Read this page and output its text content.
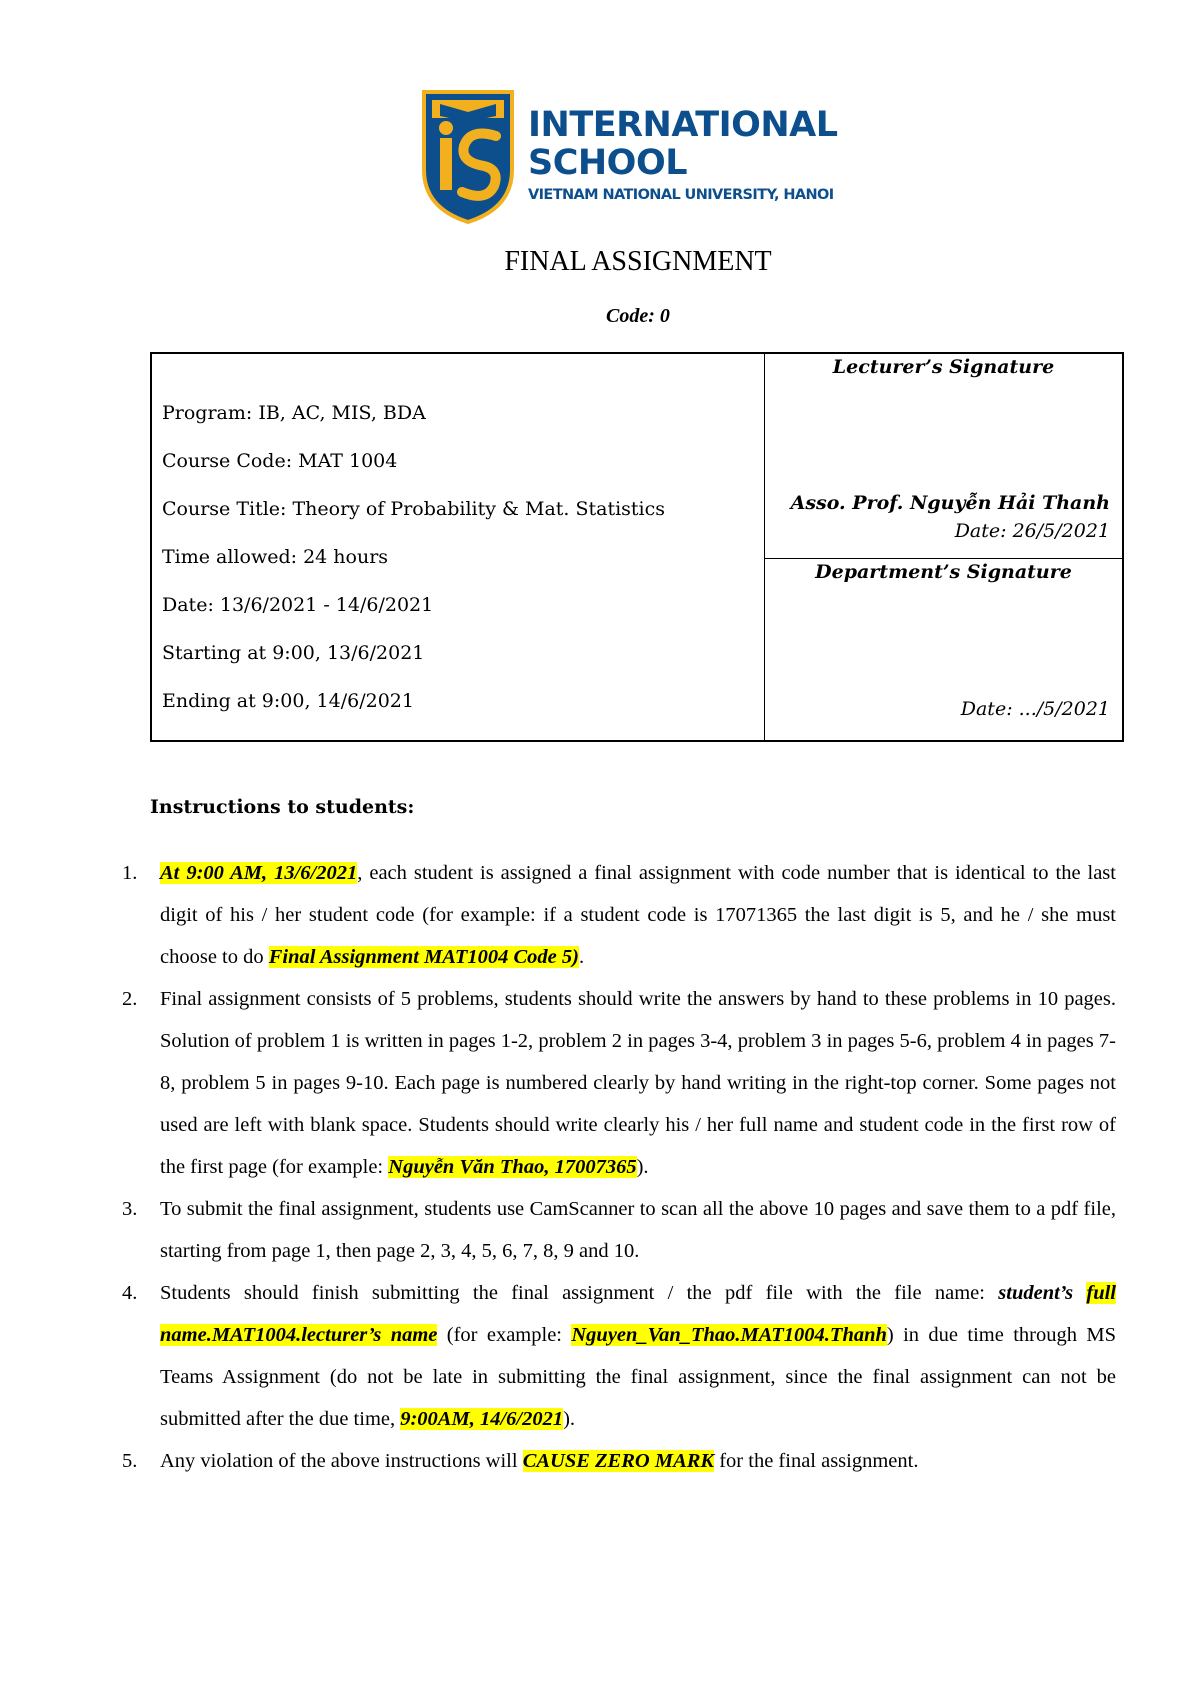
INTERNATIONAL
SCHOOL
VIETNAM NATIONAL UNIVERSITY, HANOI
FINAL ASSIGNMENT
Code: 0
Program: IB, AC, MIS, BDA
Course Code: MAT 1004
Course Title: Theory of Probability & Mat. Statistics
Time allowed: 24 hours
Date: 13/6/2021 - 14/6/2021
Starting at 9:00, 13/6/2021
Ending at 9:00, 14/6/2021
Lecturer’s Signature
Asso. Prof. Nguyễn Hải Thanh
Date: 26/5/2021
Department’s Signature
Date: .../5/2021
Instructions to students:
1. At 9:00 AM, 13/6/2021, each student is assigned a final assignment with code number that is identical to the last digit of his / her student code (for example: if a student code is 17071365 the last digit is 5, and he / she must choose to do Final Assignment MAT1004 Code 5).
2. Final assignment consists of 5 problems, students should write the answers by hand to these problems in 10 pages. Solution of problem 1 is written in pages 1-2, problem 2 in pages 3-4, problem 3 in pages 5-6, problem 4 in pages 7-8, problem 5 in pages 9-10. Each page is numbered clearly by hand writing in the right-top corner. Some pages not used are left with blank space. Students should write clearly his / her full name and student code in the first row of the first page (for example: Nguyễn Văn Thao, 17007365).
3. To submit the final assignment, students use CamScanner to scan all the above 10 pages and save them to a pdf file, starting from page 1, then page 2, 3, 4, 5, 6, 7, 8, 9 and 10.
4. Students should finish submitting the final assignment / the pdf file with the file name: student’s full name.MAT1004.lecturer’s name (for example: Nguyen_Van_Thao.MAT1004.Thanh) in due time through MS Teams Assignment (do not be late in submitting the final assignment, since the final assignment can not be submitted after the due time, 9:00AM, 14/6/2021).
5. Any violation of the above instructions will CAUSE ZERO MARK for the final assignment.
